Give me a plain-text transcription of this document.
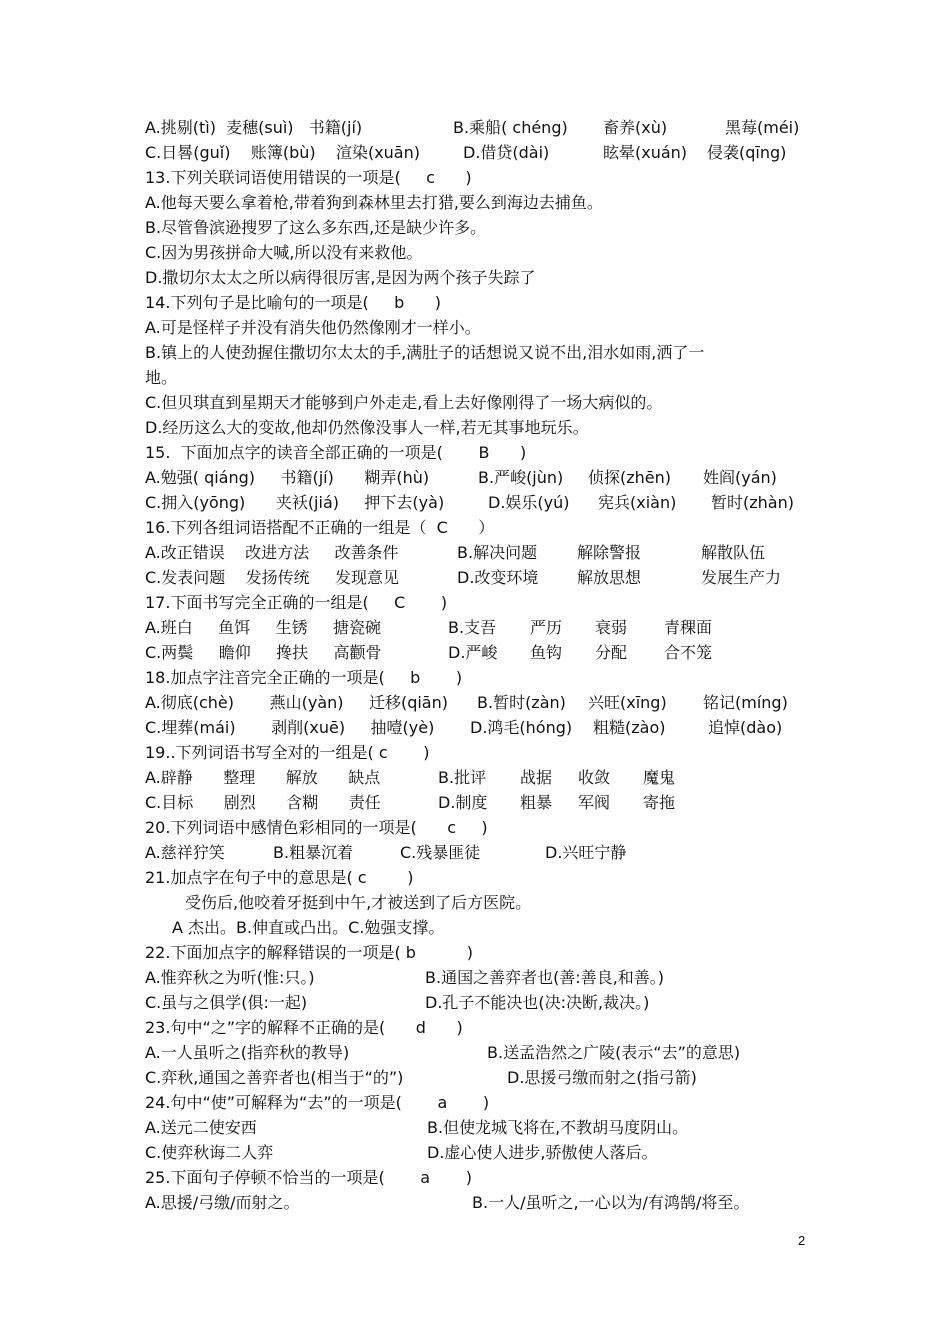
2
A.挑剔(tì)  麦穗(suì)   书籍(jí)	B.乘船( chéng) 畜养(xù)	黑莓(méi)
C.日晷(guǐ)    账簿(bù)    渲染(xuān)	D.借贷(dài)	眩晕(xuán) 侵袭(qīng)
13.下列关联词语使用错误的一项是(     c      )
A.他每天要么拿着枪,带着狗到森林里去打猎,要么到海边去捕鱼。
B.尽管鲁滨逊搜罗了这么多东西,还是缺少许多。
C.因为男孩拼命大喊,所以没有来救他。
D.撒切尔太太之所以病得很厉害,是因为两个孩子失踪了
14.下列句子是比喻句的一项是(     b      )
A.可是怪样子并没有消失他仍然像刚才一样小。
B.镇上的人使劲握住撒切尔太太的手,满肚子的话想说又说不出,泪水如雨,洒了一
地。
C.但贝琪直到星期天才能够到户外走走,看上去好像刚得了一场大病似的。
D.经历这么大的变故,他却仍然像没事人一样,若无其事地玩乐。
15.  下面加点字的读音全部正确的一项是(       B      )
A.勉强( qiáng)     书籍(jí)      糊弄(hù)	B.严峻(jùn) 侦探(zhēn) 姓阎(yán)
C.拥入(yōng)      夹袄(jiá)     押下去(yà)	D.娱乐(yú) 宪兵(xiàn) 暂时(zhàn)
16.下列各组词语搭配不正确的一组是（  C      ）
A.改正错误    改进方法     改善条件	B.解决问题 解除警报	解散队伍
C.发表问题    发扬传统     发现意见	D.改变环境 解放思想	发展生产力
17.下面书写完全正确的一组是(     C       )
A.班白     鱼饵     生锈     搪瓷碗	B.支吾 严历 衰弱 青稞面
C.两鬓     瞻仰     搀扶     高颧骨	D.严峻 鱼钩 分配 合不笼
18.加点字注音完全正确的一项是(     b       )
A.彻底(chè)       燕山(yàn)     迁移(qiān) B.暂时(zàn) 兴旺(xīng) 铭记(míng)
C.埋葬(mái)       剥削(xuē)     抽噎(yè) D.鸿毛(hóng) 粗糙(zào)	追悼(dào)
19..下列词语书写全对的一组是( c       )
A.辟静      整理      解放      缺点	B.批评 战据 收敛 魔鬼
C.目标      剧烈      含糊      责任	D.制度 粗暴 军阀 寄拖
20.下列词语中感情色彩相同的一项是(      c     )
A.慈祥狞笑	B.粗暴沉着	C.残暴匪徒	D.兴旺宁静
21.加点字在句子中的意思是( c        )
受伤后,他咬着牙挺到中午,才被送到了后方医院。
A 杰出。B.伸直或凸出。C.勉强支撑。
22.下面加点字的解释错误的一项是( b          )
A.惟弈秋之为听(惟:只。)	B.通国之善弈者也(善:善良,和善。)
C.虽与之俱学(俱:一起)	D.孔子不能决也(决:决断,裁决。)
23.句中“之”字的解释不正确的是(      d      )
A.一人虽听之(指弈秋的教导)	B.送孟浩然之广陵(表示“去”的意思)
C.弈秋,通国之善弈者也(相当于“的”)	D.思援弓缴而射之(指弓箭)
24.句中“使”可解释为“去”的一项是(       a       )
A.送元二使安西	B.但使龙城飞将在,不教胡马度阴山。
C.使弈秋诲二人弈	D.虚心使人进步,骄傲使人落后。
25.下面句子停顿不恰当的一项是(       a       )
A.思援/弓缴/而射之。	B.一人/虽听之,一心以为/有鸿鹄/将至。
